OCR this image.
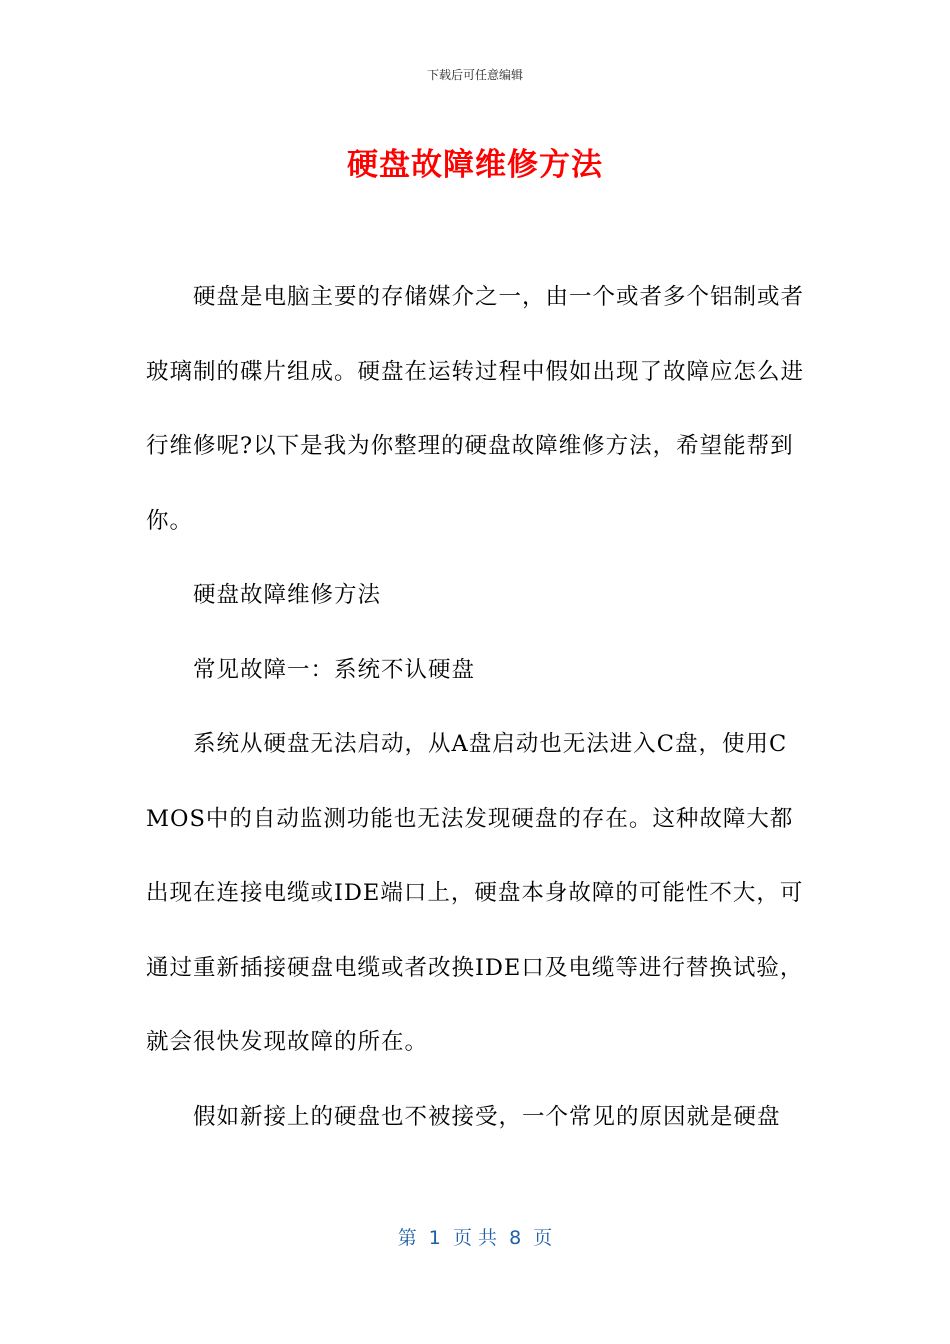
下载后可任意编辑
硬盘故障维修方法

硬盘是电脑主要的存储媒介之一，由一个或者多个铝制或者玻璃制的碟片组成。硬盘在运转过程中假如出现了故障应怎么进行维修呢?以下是我为你整理的硬盘故障维修方法，希望能帮到你。

硬盘故障维修方法

常见故障一：系统不认硬盘

系统从硬盘无法启动，从A盘启动也无法进入C盘，使用CMOS中的自动监测功能也无法发现硬盘的存在。这种故障大都出现在连接电缆或IDE端口上，硬盘本身故障的可能性不大，可通过重新插接硬盘电缆或者改换IDE口及电缆等进行替换试验，就会很快发现故障的所在。

假如新接上的硬盘也不被接受，一个常见的原因就是硬盘

第  1  页 共  8  页
